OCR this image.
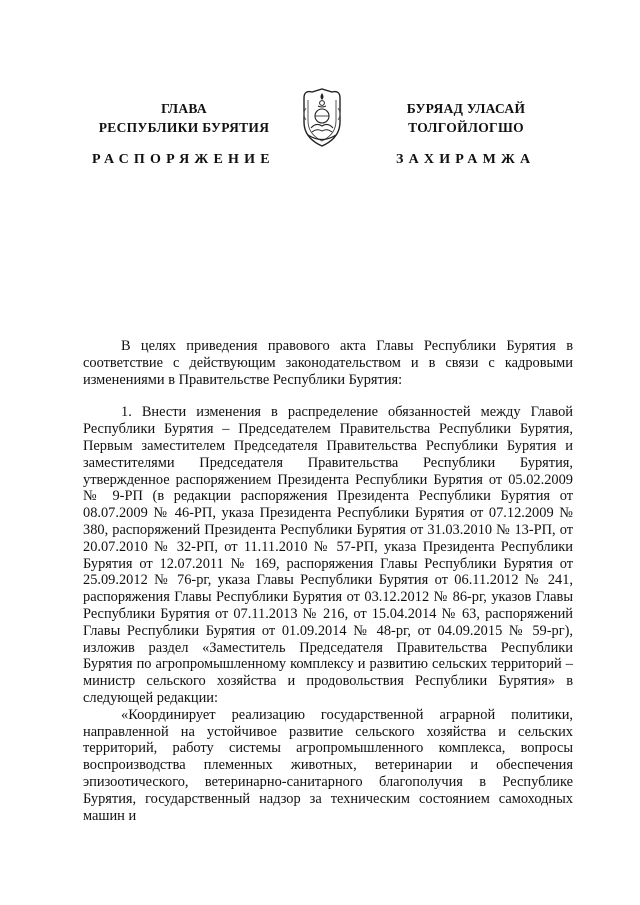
ГЛАВА
РЕСПУБЛИКИ БУРЯТИЯ
БУРЯАД УЛАСАЙ
ТОЛГОЙЛОГШО
РАСПОРЯЖЕНИЕ	ЗАХИРАМЖА

В целях приведения правового акта Главы Республики Бурятия в соответствие с действующим законодательством и в связи с кадровыми изменениями в Правительстве Республики Бурятия:

1. Внести изменения в распределение обязанностей между Главой Республики Бурятия – Председателем Правительства Республики Бурятия, Первым заместителем Председателя Правительства Республики Бурятия и заместителями Председателя Правительства Республики Бурятия, утвержденное распоряжением Президента Республики Бурятия от 05.02.2009 № 9-РП (в редакции распоряжения Президента Республики Бурятия от 08.07.2009 № 46-РП, указа Президента Республики Бурятия от 07.12.2009 № 380, распоряжений Президента Республики Бурятия от 31.03.2010 № 13-РП, от 20.07.2010 № 32-РП, от 11.11.2010 № 57-РП, указа Президента Республики Бурятия от 12.07.2011 № 169, распоряжения Главы Республики Бурятия от 25.09.2012 № 76-рг, указа Главы Республики Бурятия от 06.11.2012 № 241, распоряжения Главы Республики Бурятия от 03.12.2012 № 86-рг, указов Главы Республики Бурятия от 07.11.2013 № 216, от 15.04.2014 № 63, распоряжений Главы Республики Бурятия от 01.09.2014 № 48-рг, от 04.09.2015 № 59-рг), изложив раздел «Заместитель Председателя Правительства Республики Бурятия по агропромышленному комплексу и развитию сельских территорий – министр сельского хозяйства и продовольствия Республики Бурятия» в следующей редакции:

«Координирует реализацию государственной аграрной политики, направленной на устойчивое развитие сельского хозяйства и сельских территорий, работу системы агропромышленного комплекса, вопросы воспроизводства племенных животных, ветеринарии и обеспечения эпизоотического, ветеринарно-санитарного благополучия в Республике Бурятия, государственный надзор за техническим состоянием самоходных машин и
